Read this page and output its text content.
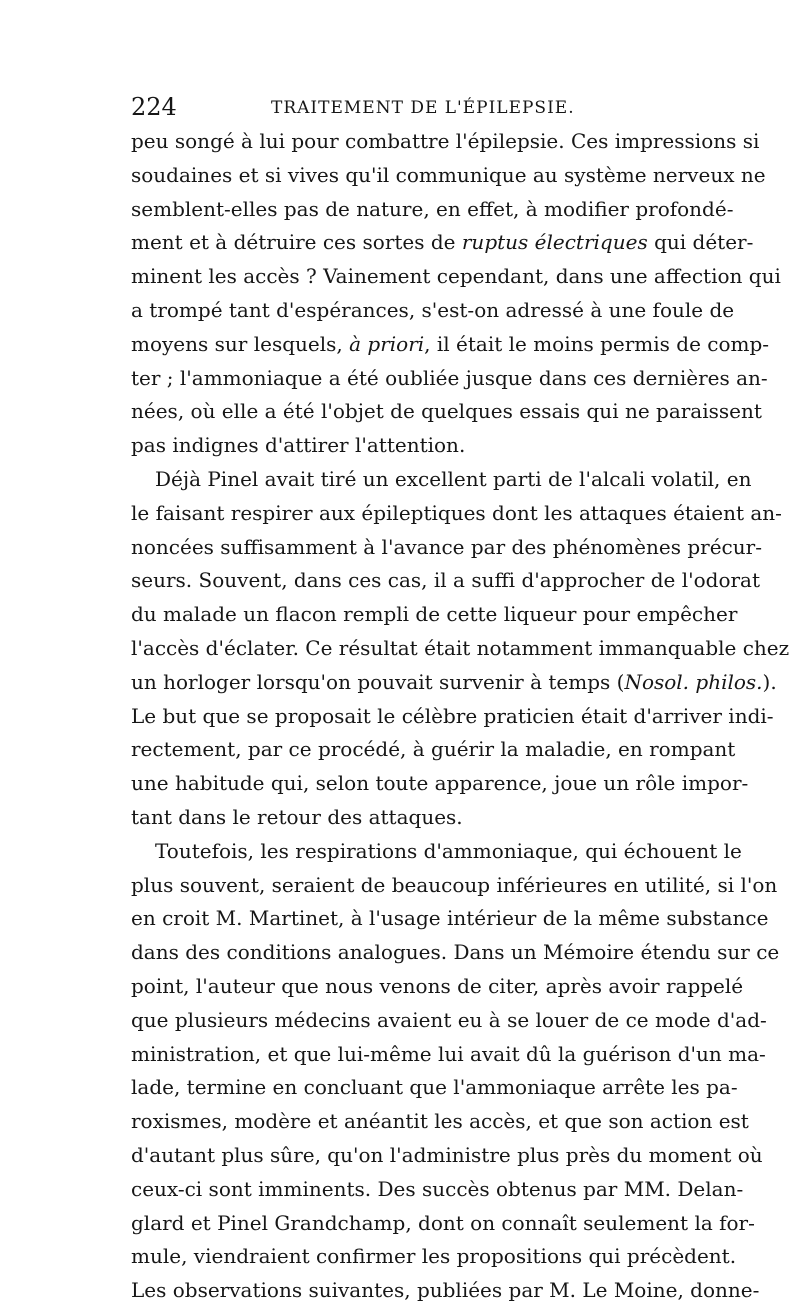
224	TRAITEMENT DE L'ÉPILEPSIE.
peu songé à lui pour combattre l'épilepsie. Ces impressions si
soudaines et si vives qu'il communique au système nerveux ne
semblent-elles pas de nature, en effet, à modifier profondé-
ment et à détruire ces sortes de ruptus électriques qui déter-
minent les accès ? Vainement cependant, dans une affection qui
a trompé tant d'espérances, s'est-on adressé à une foule de
moyens sur lesquels, à priori, il était le moins permis de comp-
ter ; l'ammoniaque a été oubliée jusque dans ces dernières an-
nées, où elle a été l'objet de quelques essais qui ne paraissent
pas indignes d'attirer l'attention.
Déjà Pinel avait tiré un excellent parti de l'alcali volatil, en
le faisant respirer aux épileptiques dont les attaques étaient an-
noncées suffisamment à l'avance par des phénomènes précur-
seurs. Souvent, dans ces cas, il a suffi d'approcher de l'odorat
du malade un flacon rempli de cette liqueur pour empêcher
l'accès d'éclater. Ce résultat était notamment immanquable chez
un horloger lorsqu'on pouvait survenir à temps (Nosol. philos.).
Le but que se proposait le célèbre praticien était d'arriver indi-
rectement, par ce procédé, à guérir la maladie, en rompant
une habitude qui, selon toute apparence, joue un rôle impor-
tant dans le retour des attaques.
Toutefois, les respirations d'ammoniaque, qui échouent le
plus souvent, seraient de beaucoup inférieures en utilité, si l'on
en croit M. Martinet, à l'usage intérieur de la même substance
dans des conditions analogues. Dans un Mémoire étendu sur ce
point, l'auteur que nous venons de citer, après avoir rappelé
que plusieurs médecins avaient eu à se louer de ce mode d'ad-
ministration, et que lui-même lui avait dû la guérison d'un ma-
lade, termine en concluant que l'ammoniaque arrête les pa-
roxismes, modère et anéantit les accès, et que son action est
d'autant plus sûre, qu'on l'administre plus près du moment où
ceux-ci sont imminents. Des succès obtenus par MM. Delan-
glard et Pinel Grandchamp, dont on connaît seulement la for-
mule, viendraient confirmer les propositions qui précèdent.
Les observations suivantes, publiées par M. Le Moine, donne-
